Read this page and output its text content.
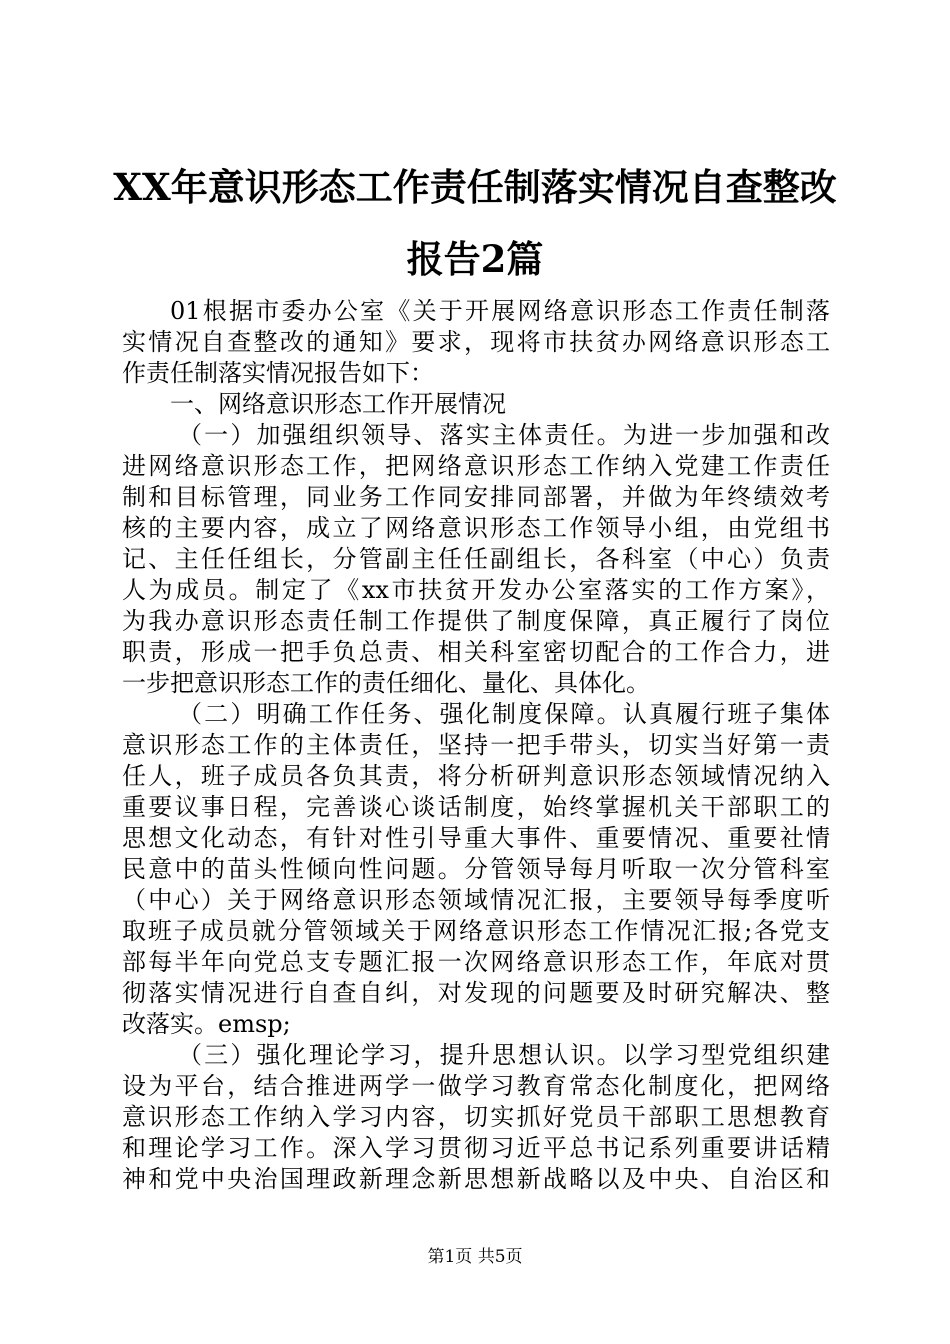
XX年意识形态工作责任制落实情况自查整改
报告2篇
01根据市委办公室《关于开展网络意识形态工作责任制落
实情况自查整改的通知》要求，现将市扶贫办网络意识形态工
作责任制落实情况报告如下：
一、网络意识形态工作开展情况
（一）加强组织领导、落实主体责任。为进一步加强和改
进网络意识形态工作，把网络意识形态工作纳入党建工作责任
制和目标管理，同业务工作同安排同部署，并做为年终绩效考
核的主要内容，成立了网络意识形态工作领导小组，由党组书
记、主任任组长，分管副主任任副组长，各科室（中心）负责
人为成员。制定了《xx市扶贫开发办公室落实的工作方案》，
为我办意识形态责任制工作提供了制度保障，真正履行了岗位
职责，形成一把手负总责、相关科室密切配合的工作合力，进
一步把意识形态工作的责任细化、量化、具体化。
（二）明确工作任务、强化制度保障。认真履行班子集体
意识形态工作的主体责任，坚持一把手带头，切实当好第一责
任人，班子成员各负其责，将分析研判意识形态领域情况纳入
重要议事日程，完善谈心谈话制度，始终掌握机关干部职工的
思想文化动态，有针对性引导重大事件、重要情况、重要社情
民意中的苗头性倾向性问题。分管领导每月听取一次分管科室
（中心）关于网络意识形态领域情况汇报，主要领导每季度听
取班子成员就分管领域关于网络意识形态工作情况汇报;各党支
部每半年向党总支专题汇报一次网络意识形态工作，年底对贯
彻落实情况进行自查自纠，对发现的问题要及时研究解决、整
改落实。emsp;
（三）强化理论学习，提升思想认识。以学习型党组织建
设为平台，结合推进两学一做学习教育常态化制度化，把网络
意识形态工作纳入学习内容，切实抓好党员干部职工思想教育
和理论学习工作。深入学习贯彻习近平总书记系列重要讲话精
神和党中央治国理政新理念新思想新战略以及中央、自治区和
第1页 共5页
